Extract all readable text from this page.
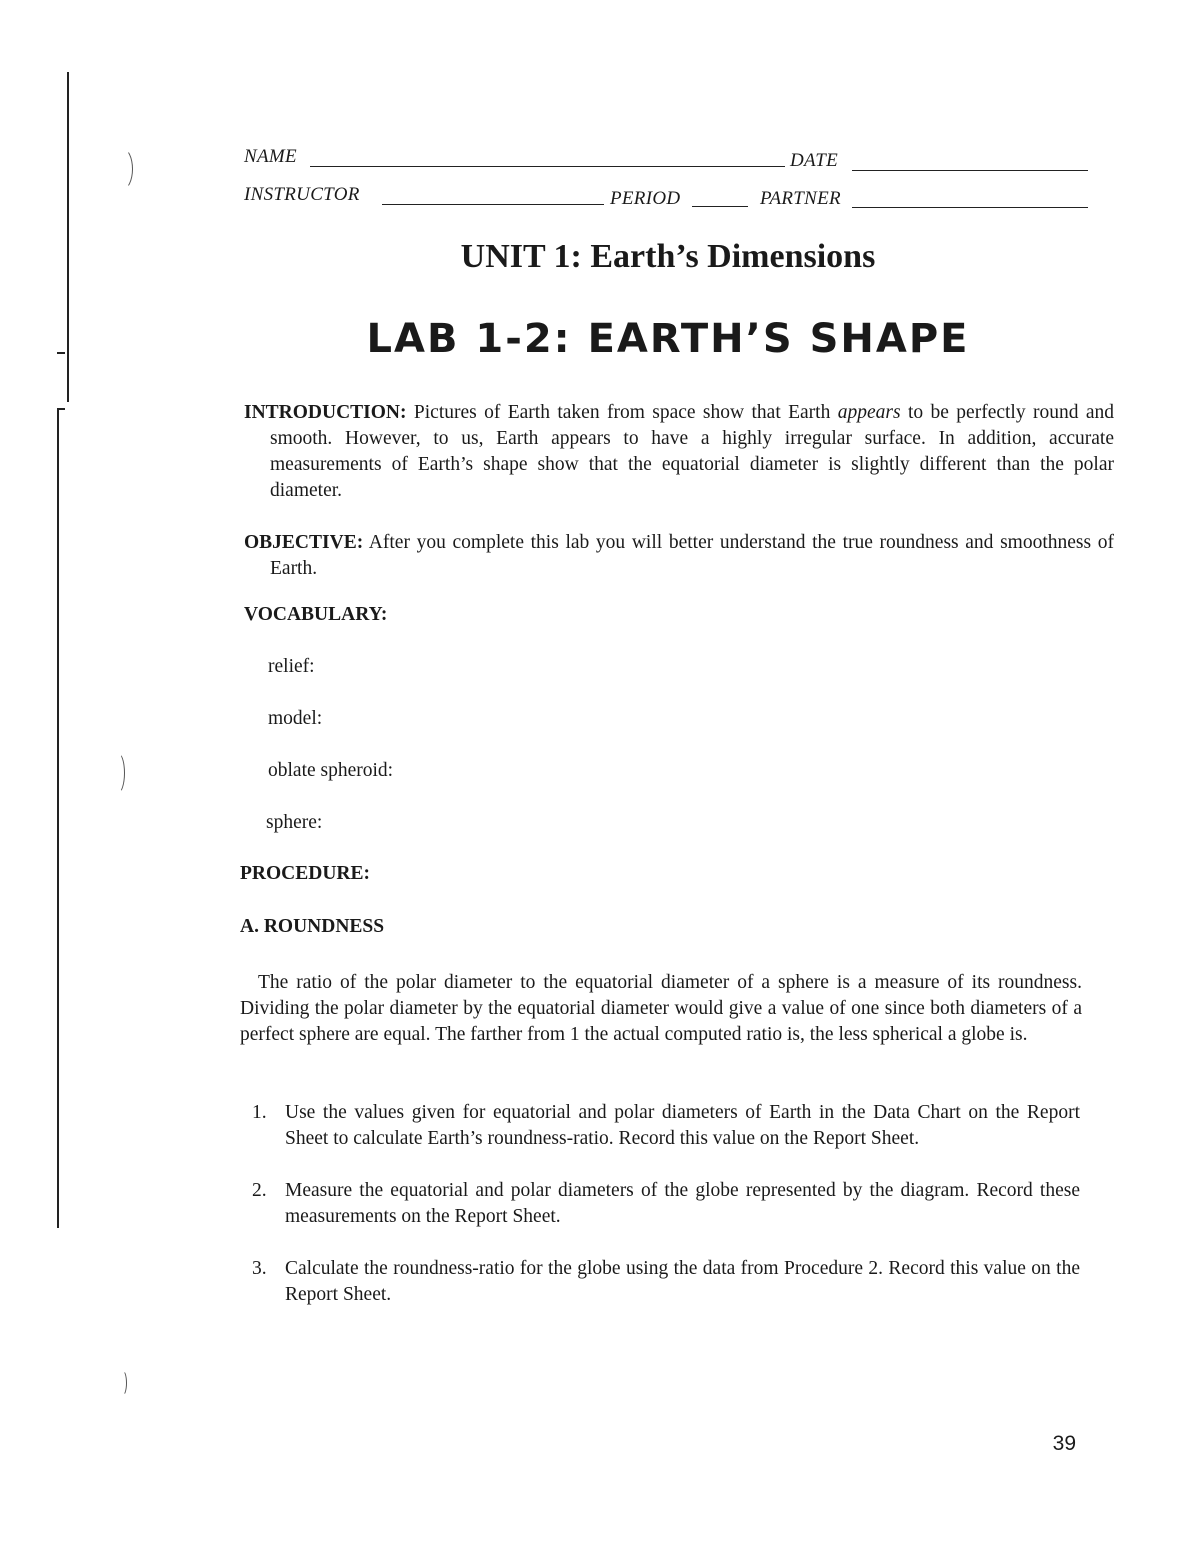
NAME	DATE
INSTRUCTOR	PERIOD	PARTNER
UNIT 1: Earth’s Dimensions
LAB 1-2: EARTH’S SHAPE
INTRODUCTION: Pictures of Earth taken from space show that Earth appears to be perfectly round and smooth. However, to us, Earth appears to have a highly irregular surface. In addition, accurate measurements of Earth’s shape show that the equatorial diameter is slightly different than the polar diameter.
OBJECTIVE: After you complete this lab you will better understand the true roundness and smoothness of Earth.
VOCABULARY:
relief:
model:
oblate spheroid:
sphere:
PROCEDURE:
A. ROUNDNESS
The ratio of the polar diameter to the equatorial diameter of a sphere is a measure of its roundness. Dividing the polar diameter by the equatorial diameter would give a value of one since both diameters of a perfect sphere are equal. The farther from 1 the actual computed ratio is, the less spherical a globe is.
1. Use the values given for equatorial and polar diameters of Earth in the Data Chart on the Report Sheet to calculate Earth’s roundness-ratio. Record this value on the Report Sheet.
2. Measure the equatorial and polar diameters of the globe represented by the diagram. Record these measurements on the Report Sheet.
3. Calculate the roundness-ratio for the globe using the data from Procedure 2. Record this value on the Report Sheet.
39
